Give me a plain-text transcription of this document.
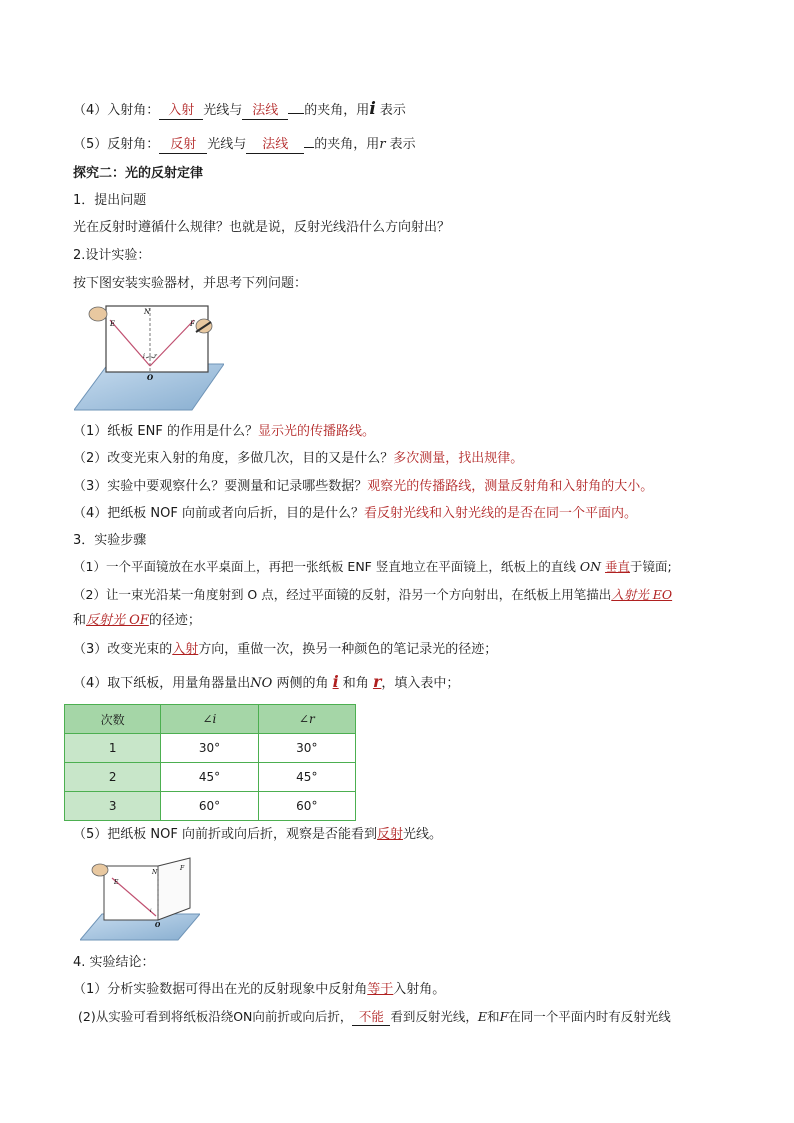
（4）入射角： 入射 光线与 法线 的夹角，用i 表示
（5）反射角： 反射 光线与 法线 的夹角，用r 表示
探究二：光的反射定律
1．提出问题
光在反射时遵循什么规律？也就是说，反射光线沿什么方向射出？
2.设计实验：
按下图安装实验器材，并思考下列问题：
N
E	F
i r
O
（1）纸板 ENF 的作用是什么？显示光的传播路线。
（2）改变光束入射的角度，多做几次，目的又是什么？多次测量，找出规律。
（3）实验中要观察什么？要测量和记录哪些数据？观察光的传播路线，测量反射角和入射角的大小。
（4）把纸板 NOF 向前或者向后折，目的是什么？看反射光线和入射光线的是否在同一个平面内。
3．实验步骤
（1）一个平面镜放在水平桌面上，再把一张纸板 ENF 竖直地立在平面镜上，纸板上的直线 ON 垂直于镜面;
（2）让一束光沿某一角度射到 O 点，经过平面镜的反射，沿另一个方向射出，在纸板上用笔描出入射光 EO
和反射光 OF的径迹；
（3）改变光束的入射方向，重做一次，换另一种颜色的笔记录光的径迹；
（4）取下纸板，用量角器量出NO 两侧的角 i 和角 r，填入表中；
次数	∠i	∠r
1	30°	30°
2	45°	45°
3	60°	60°
（5）把纸板 NOF 向前折或向后折，观察是否能看到反射光线。
N
E
F
i
O
4. 实验结论：
（1）分析实验数据可得出在光的反射现象中反射角等于入射角。
(2)从实验可看到将纸板沿绕ON向前折或向后折， 不能 看到反射光线，E和F在同一个平面内时有反射光线
